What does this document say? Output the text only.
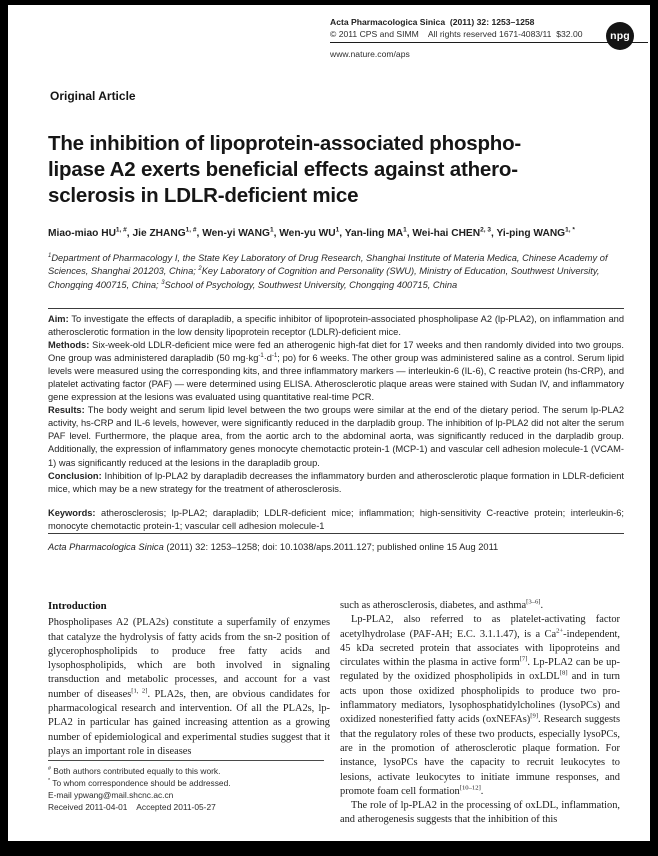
Acta Pharmacologica Sinica  (2011) 32: 1253–1258
© 2011 CPS and SIMM    All rights reserved 1671-4083/11  $32.00
www.nature.com/aps
npg
Original Article
The inhibition of lipoprotein-associated phospho-
lipase A2 exerts beneficial effects against athero-
sclerosis in LDLR-deficient mice
Miao-miao $HU^{1, \#}$, Jie $ZHANG^{1, \#}$, Wen-yi WANG$^1$, Wen-yu $WU^1$, Yan-ling $MA^1$, Wei-hai CHEN$^{2, 3}$, Yi-ping $WANG^{1, *}$
$^1$Department of Pharmacology I, the State Key Laboratory of Drug Research, Shanghai Institute of Materia Medica, Chinese Academy of Sciences, Shanghai 201203, China; $^2$Key Laboratory of Cognition and Personality (SWU), Ministry of Education, Southwest University, Chongqing 400715, China; $^3$School of Psychology, Southwest University, Chongqing 400715, China

Aim: To investigate the effects of darapladib, a specific inhibitor of lipoprotein-associated phospholipase A2 (lp-PLA2), on inflammation and atherosclerotic formation in the low density lipoprotein receptor (LDLR)-deficient mice.

Methods: Six-week-old LDLR-deficient mice were fed an atherogenic high-fat diet for 17 weeks and then randomly divided into two groups. One group was administered darapladib (50 $mg\cdot kg^{-1}\cdot d^{-1}$; po) for 6 weeks. The other group was administered saline as a control. Serum lipid levels were measured using the corresponding kits, and three inflammatory markers — interleukin-6 (IL-6), C reactive protein (hs-CRP), and platelet activating factor (PAF) — were determined using ELISA. Atherosclerotic plaque areas were stained with Sudan IV, and inflammatory gene expression at the lesions was evaluated using quantitative real-time PCR.

Results: The body weight and serum lipid level between the two groups were similar at the end of the dietary period. The serum lp-PLA2 activity, hs-CRP and IL-6 levels, however, were significantly reduced in the darpladib group. The inhibition of lp-PLA2 did not alter the serum PAF level. Furthermore, the plaque area, from the aortic arch to the abdominal aorta, was significantly reduced in the darpladib group. Additionally, the expression of inflammatory genes monocyte chemotactic protein-1 (MCP-1) and vascular cell adhesion molecule-1 (VCAM-1) was significantly reduced at the lesions in the darapladib group.

Conclusion: Inhibition of lp-PLA2 by darapladib decreases the inflammatory burden and atherosclerotic plaque formation in LDLR-deficient mice, which may be a new strategy for the treatment of atherosclerosis.

Keywords: atherosclerosis; lp-PLA2; darapladib; LDLR-deficient mice; inflammation; high-sensitivity C-reactive protein; interleukin-6; monocyte chemotactic protein-1; vascular cell adhesion molecule-1

Acta Pharmacologica Sinica (2011) 32: 1253–1258; doi: 10.1038/aps.2011.127; published online 15 Aug 2011
Introduction

Phospholipases A2 (PLA2s) constitute a superfamily of enzymes that catalyze the hydrolysis of fatty acids from the sn-2 position of glycerophospholipids to produce free fatty acids and lysophospholipids, which are both involved in signaling transduction and metabolic processes, and account for a vast number of diseases[1, 2]. PLA2s, then, are obvious candidates for pharmacological research and intervention. Of all the PLA2s, lp-PLA2 in particular has gained increasing attention as a growing number of epidemiological and experimental studies suggest that it plays an important role in diseases

such as atherosclerosis, diabetes, and asthma[3–6].

Lp-PLA2, also referred to as platelet-activating factor acetylhydrolase (PAF-AH; E.C. 3.1.1.47), is a $Ca^{2+}$-independent, 45 kDa secreted protein that associates with lipoproteins and circulates within the plasma in active form[7]. Lp-PLA2 can be up-regulated by the oxidized phospholipids in oxLDL[8] and in turn acts upon those oxidized phospholipids to produce two pro-inflammatory mediators, lysophosphatidylcholines (lysoPCs) and oxidized nonesterified fatty acids (oxNEFAs)[9]. Research suggests that the regulatory roles of these two products, especially lysoPCs, are in the promotion of atherosclerotic plaque formation. For instance, lysoPCs have the capacity to recruit leukocytes to lesions, activate leukocytes to initiate immune responses, and promote foam cell formation[10–12].

The role of lp-PLA2 in the processing of oxLDL, inflammation, and atherogenesis suggests that the inhibition of this

# Both authors contributed equally to this work.
* To whom correspondence should be addressed.
E-mail ypwang@mail.shcnc.ac.cn
Received 2011-04-01    Accepted 2011-05-27
